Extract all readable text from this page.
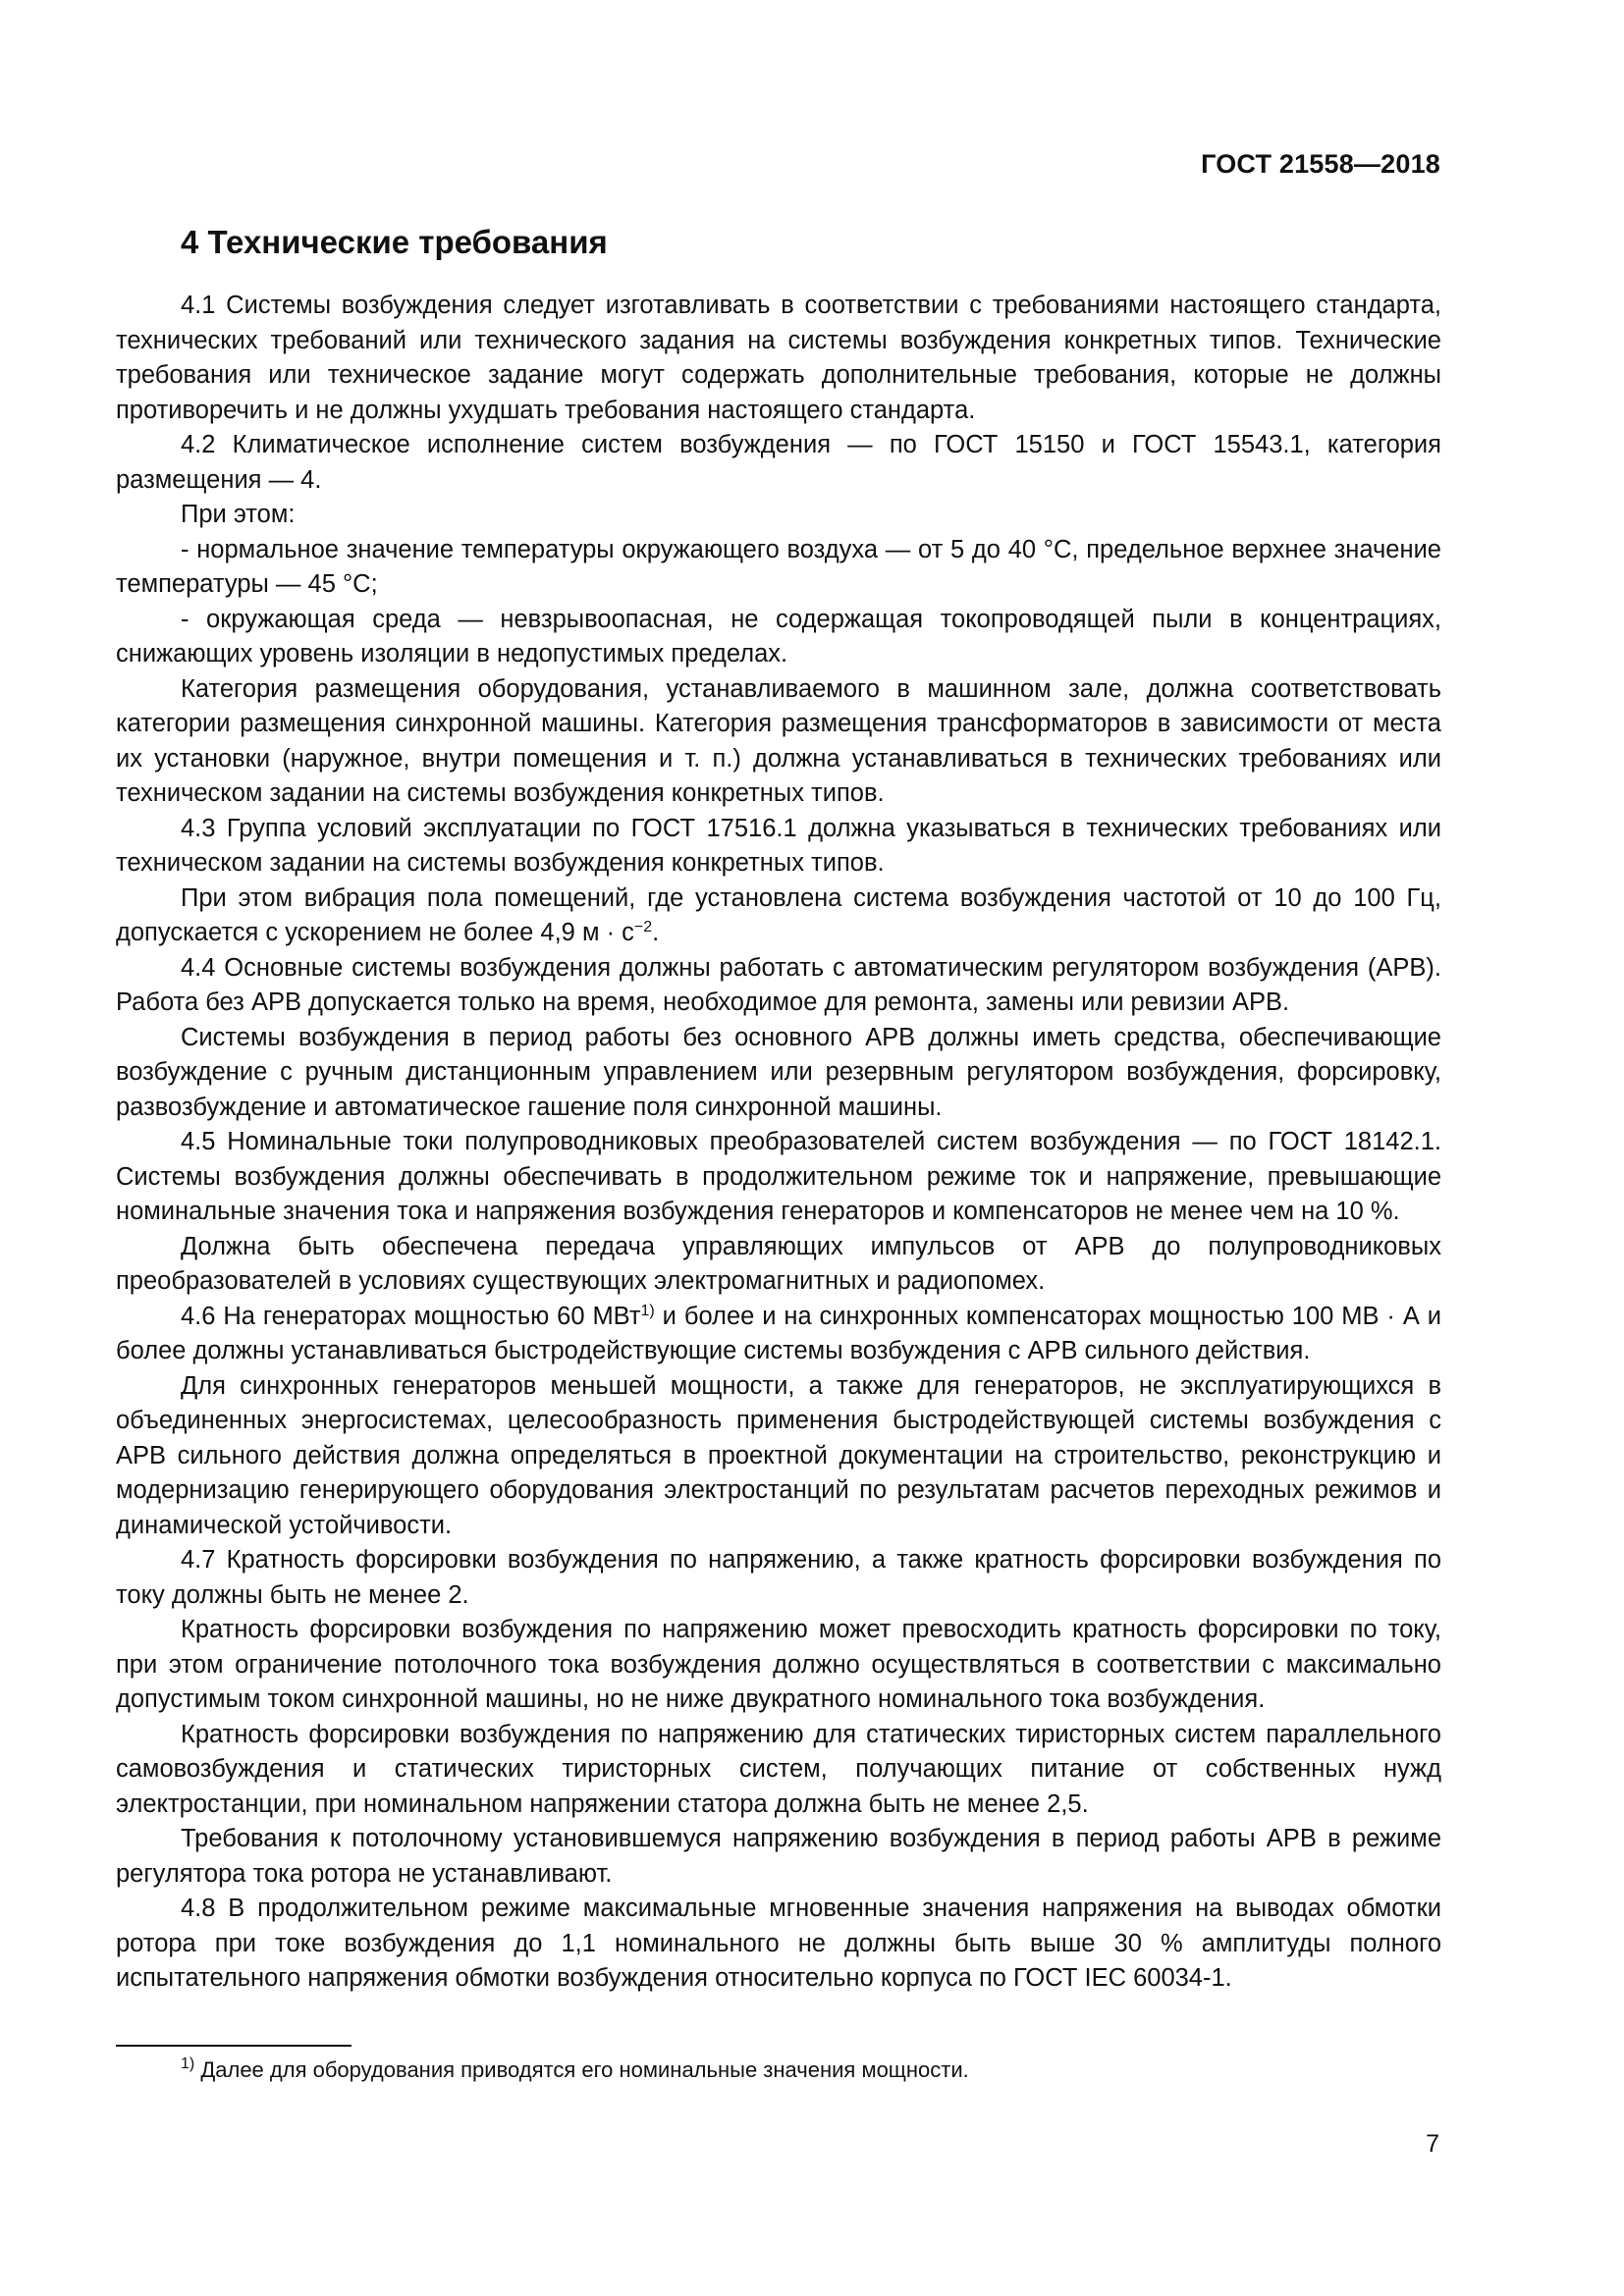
ГОСТ 21558—2018
4 Технические требования

4.1 Системы возбуждения следует изготавливать в соответствии с требованиями настоящего стандарта, технических требований или технического задания на системы возбуждения конкретных типов. Технические требования или техническое задание могут содержать дополнительные требования, которые не должны противоречить и не должны ухудшать требования настоящего стандарта.

4.2 Климатическое исполнение систем возбуждения — по ГОСТ 15150 и ГОСТ 15543.1, категория размещения — 4.

При этом:

- нормальное значение температуры окружающего воздуха — от 5 до 40 °С, предельное верхнее значение температуры — 45 °С;

- окружающая среда — невзрывоопасная, не содержащая токопроводящей пыли в концентрациях, снижающих уровень изоляции в недопустимых пределах.

Категория размещения оборудования, устанавливаемого в машинном зале, должна соответствовать категории размещения синхронной машины. Категория размещения трансформаторов в зависимости от места их установки (наружное, внутри помещения и т. п.) должна устанавливаться в технических требованиях или техническом задании на системы возбуждения конкретных типов.

4.3 Группа условий эксплуатации по ГОСТ 17516.1 должна указываться в технических требованиях или техническом задании на системы возбуждения конкретных типов.

При этом вибрация пола помещений, где установлена система возбуждения частотой от 10 до 100 Гц, допускается с ускорением не более 4,9 $м \cdot с^{-2}$.

4.4 Основные системы возбуждения должны работать с автоматическим регулятором возбуждения (АРВ). Работа без АРВ допускается только на время, необходимое для ремонта, замены или ревизии АРВ.

Системы возбуждения в период работы без основного АРВ должны иметь средства, обеспечивающие возбуждение с ручным дистанционным управлением или резервным регулятором возбуждения, форсировку, развозбуждение и автоматическое гашение поля синхронной машины.

4.5 Номинальные токи полупроводниковых преобразователей систем возбуждения — по ГОСТ 18142.1. Системы возбуждения должны обеспечивать в продолжительном режиме ток и напряжение, превышающие номинальные значения тока и напряжения возбуждения генераторов и компенсаторов не менее чем на 10 %.

Должна быть обеспечена передача управляющих импульсов от АРВ до полупроводниковых преобразователей в условиях существующих электромагнитных и радиопомех.

4.6 На генераторах мощностью 60 МВт$^{1)}$ и более и на синхронных компенсаторах мощностью 100 МВ · А и более должны устанавливаться быстродействующие системы возбуждения с АРВ сильного действия.

Для синхронных генераторов меньшей мощности, а также для генераторов, не эксплуатирующихся в объединенных энергосистемах, целесообразность применения быстродействующей системы возбуждения с АРВ сильного действия должна определяться в проектной документации на строительство, реконструкцию и модернизацию генерирующего оборудования электростанций по результатам расчетов переходных режимов и динамической устойчивости.

4.7 Кратность форсировки возбуждения по напряжению, а также кратность форсировки возбуждения по току должны быть не менее 2.

Кратность форсировки возбуждения по напряжению может превосходить кратность форсировки по току, при этом ограничение потолочного тока возбуждения должно осуществляться в соответствии с максимально допустимым током синхронной машины, но не ниже двукратного номинального тока возбуждения.

Кратность форсировки возбуждения по напряжению для статических тиристорных систем параллельного самовозбуждения и статических тиристорных систем, получающих питание от собственных нужд электростанции, при номинальном напряжении статора должна быть не менее 2,5.

Требования к потолочному установившемуся напряжению возбуждения в период работы АРВ в режиме регулятора тока ротора не устанавливают.

4.8 В продолжительном режиме максимальные мгновенные значения напряжения на выводах обмотки ротора при токе возбуждения до 1,1 номинального не должны быть выше 30 % амплитуды полного испытательного напряжения обмотки возбуждения относительно корпуса по ГОСТ IEC 60034-1.

$^{1)}$ Далее для оборудования приводятся его номинальные значения мощности.
7
